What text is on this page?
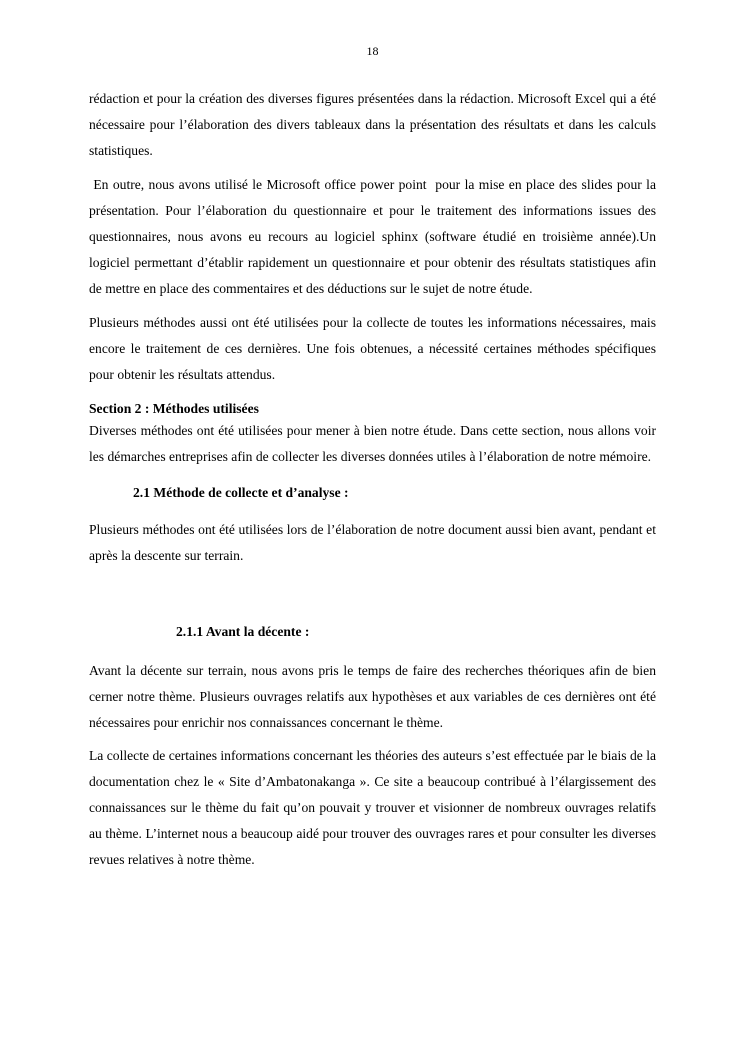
18

rédaction et pour la création des diverses figures présentées dans la rédaction. Microsoft Excel qui a été nécessaire pour l’élaboration des divers tableaux dans la présentation des résultats et dans les calculs statistiques.

En outre, nous avons utilisé le Microsoft office power point  pour la mise en place des slides pour la présentation. Pour l’élaboration du questionnaire et pour le traitement des informations issues des questionnaires, nous avons eu recours au logiciel sphinx (software étudié en troisième année).Un logiciel permettant d’établir rapidement un questionnaire et pour obtenir des résultats statistiques afin de mettre en place des commentaires et des déductions sur le sujet de notre étude.

Plusieurs méthodes aussi ont été utilisées pour la collecte de toutes les informations nécessaires, mais encore le traitement de ces dernières. Une fois obtenues, a nécessité certaines méthodes spécifiques pour obtenir les résultats attendus.

Section 2 : Méthodes utilisées

Diverses méthodes ont été utilisées pour mener à bien notre étude. Dans cette section, nous allons voir les démarches entreprises afin de collecter les diverses données utiles à l’élaboration de notre mémoire.

2.1 Méthode de collecte et d’analyse :

Plusieurs méthodes ont été utilisées lors de l’élaboration de notre document aussi bien avant, pendant et après la descente sur terrain.

2.1.1 Avant la décente :

Avant la décente sur terrain, nous avons pris le temps de faire des recherches théoriques afin de bien cerner notre thème. Plusieurs ouvrages relatifs aux hypothèses et aux variables de ces dernières ont été nécessaires pour enrichir nos connaissances concernant le thème.

La collecte de certaines informations concernant les théories des auteurs s’est effectuée par le biais de la documentation chez le « Site d’Ambatonakanga ». Ce site a beaucoup contribué à l’élargissement des connaissances sur le thème du fait qu’on pouvait y trouver et visionner de nombreux ouvrages relatifs au thème. L’internet nous a beaucoup aidé pour trouver des ouvrages rares et pour consulter les diverses revues relatives à notre thème.
